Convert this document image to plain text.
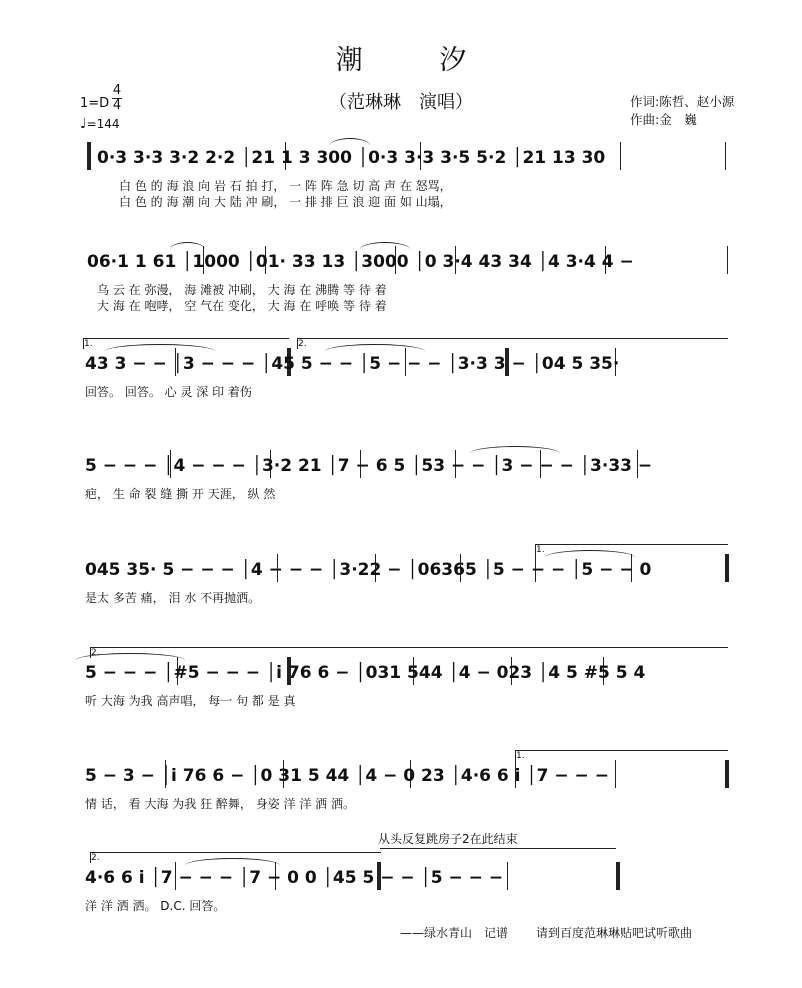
潮 汐
（范琳琳　演唱）	作词:陈哲、赵小源
作曲:金　巍
1=D
4
4
♩=144
0·3 3·3 3·2 2·2 │21 1 3 300 │0·3 3·3 3·5 5·2 │21 13 30
白 色 的 海 浪 向 岩 石 拍 打， 一 阵 阵 急 切 高 声 在 怒骂，
白 色 的 海 潮 向 大 陆 冲 刷， 一 排 排 巨 浪 迎 面 如 山塌，
06·1 1 61 │1000 │01· 33 13 │3000 │0 3·4 43 34 │4 3·4 4 −
乌 云 在 弥漫， 海 滩被 冲刷， 大 海 在 沸腾 等 待 着
大 海 在 咆哮， 空 气在 变化， 大 海 在 呼唤 等 待 着
1.	2.
43 3 − − │3 − − − │45 5 − − │5 − − − │3·3 3 − │04 5 35·
回答。 回答。 心 灵 深 印 着伤
5 − − − │4 − − − │3·2 21 │7 − 6 5 │53 − − │3 − − − │3·33 −
疤， 生 命 裂 缝 撕 开 天涯， 纵 然
1.
045 35· 5 − − − │4 − − − │3·22 − │06365 │5 − − − │5 − − 0
是太 多苦 痛， 泪 水 不再抛洒。
2.
5 − − − │#5 − − − │i 76 6 − │031 544 │4 − 023 │4 5 #5 5 4
听 大海 为我 高声唱， 每一 句 都 是 真
1.
5 − 3 − │i 76 6 − │0 31 5 44 │4 − 0 23 │4·6 6 i │7 − − −
情 话， 看 大海 为我 狂 醉舞， 身姿 洋 洋 洒 洒。
从头反复跳房子2在此结束
2.
4·6 6 i │7 − − − │7 − 0 0 │45 5 − − │5 − − −
洋 洋 洒 洒。 D.C. 回答。
——绿水青山　记谱 请到百度范琳琳贴吧试听歌曲
